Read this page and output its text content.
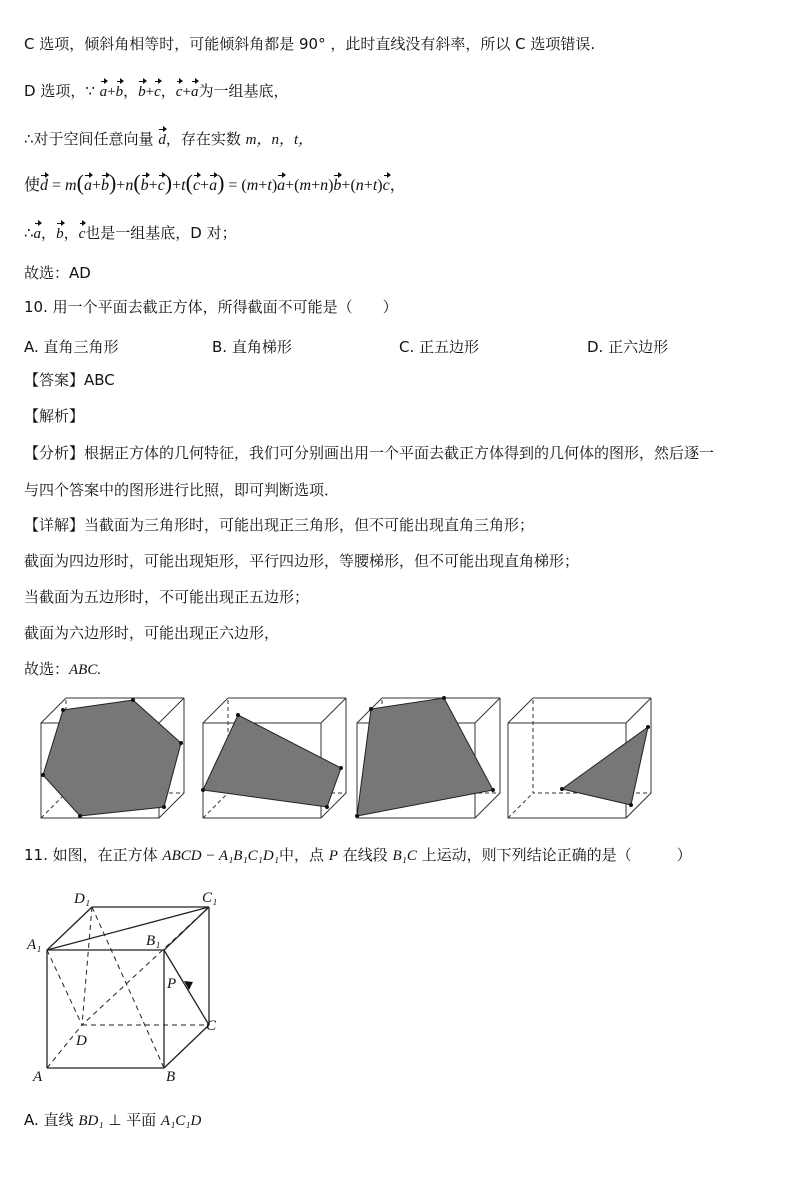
C 选项，倾斜角相等时，可能倾斜角都是 90° ，此时直线没有斜率，所以 C 选项错误.
D 选项，∵ a+b，b+c，c+a为一组基底，
∴对于空间任意向量 d，存在实数 m，n，t，
使d = m(a+b)+n(b+c)+t(c+a) = (m+t)a+(m+n)b+(n+t)c，
∴a，b，c也是一组基底，D 对；
故选：AD
10. 用一个平面去截正方体，所得截面不可能是（　　）
A. 直角三角形	B. 直角梯形	C. 正五边形	D. 正六边形
【答案】ABC
【解析】
【分析】根据正方体的几何特征，我们可分别画出用一个平面去截正方体得到的几何体的图形，然后逐一
与四个答案中的图形进行比照，即可判断选项．
【详解】当截面为三角形时，可能出现正三角形，但不可能出现直角三角形；
截面为四边形时，可能出现矩形，平行四边形，等腰梯形，但不可能出现直角梯形；
当截面为五边形时，不可能出现正五边形；
截面为六边形时，可能出现正六边形，
故选：ABC.
11. 如图，在正方体 ABCD − A₁B₁C₁D₁中，点 P 在线段 B₁C 上运动，则下列结论正确的是（　　　）
D₁	C₁
A₁	B₁
P
C
D
A	B
A. 直线 BD₁ ⊥ 平面 A₁C₁D
